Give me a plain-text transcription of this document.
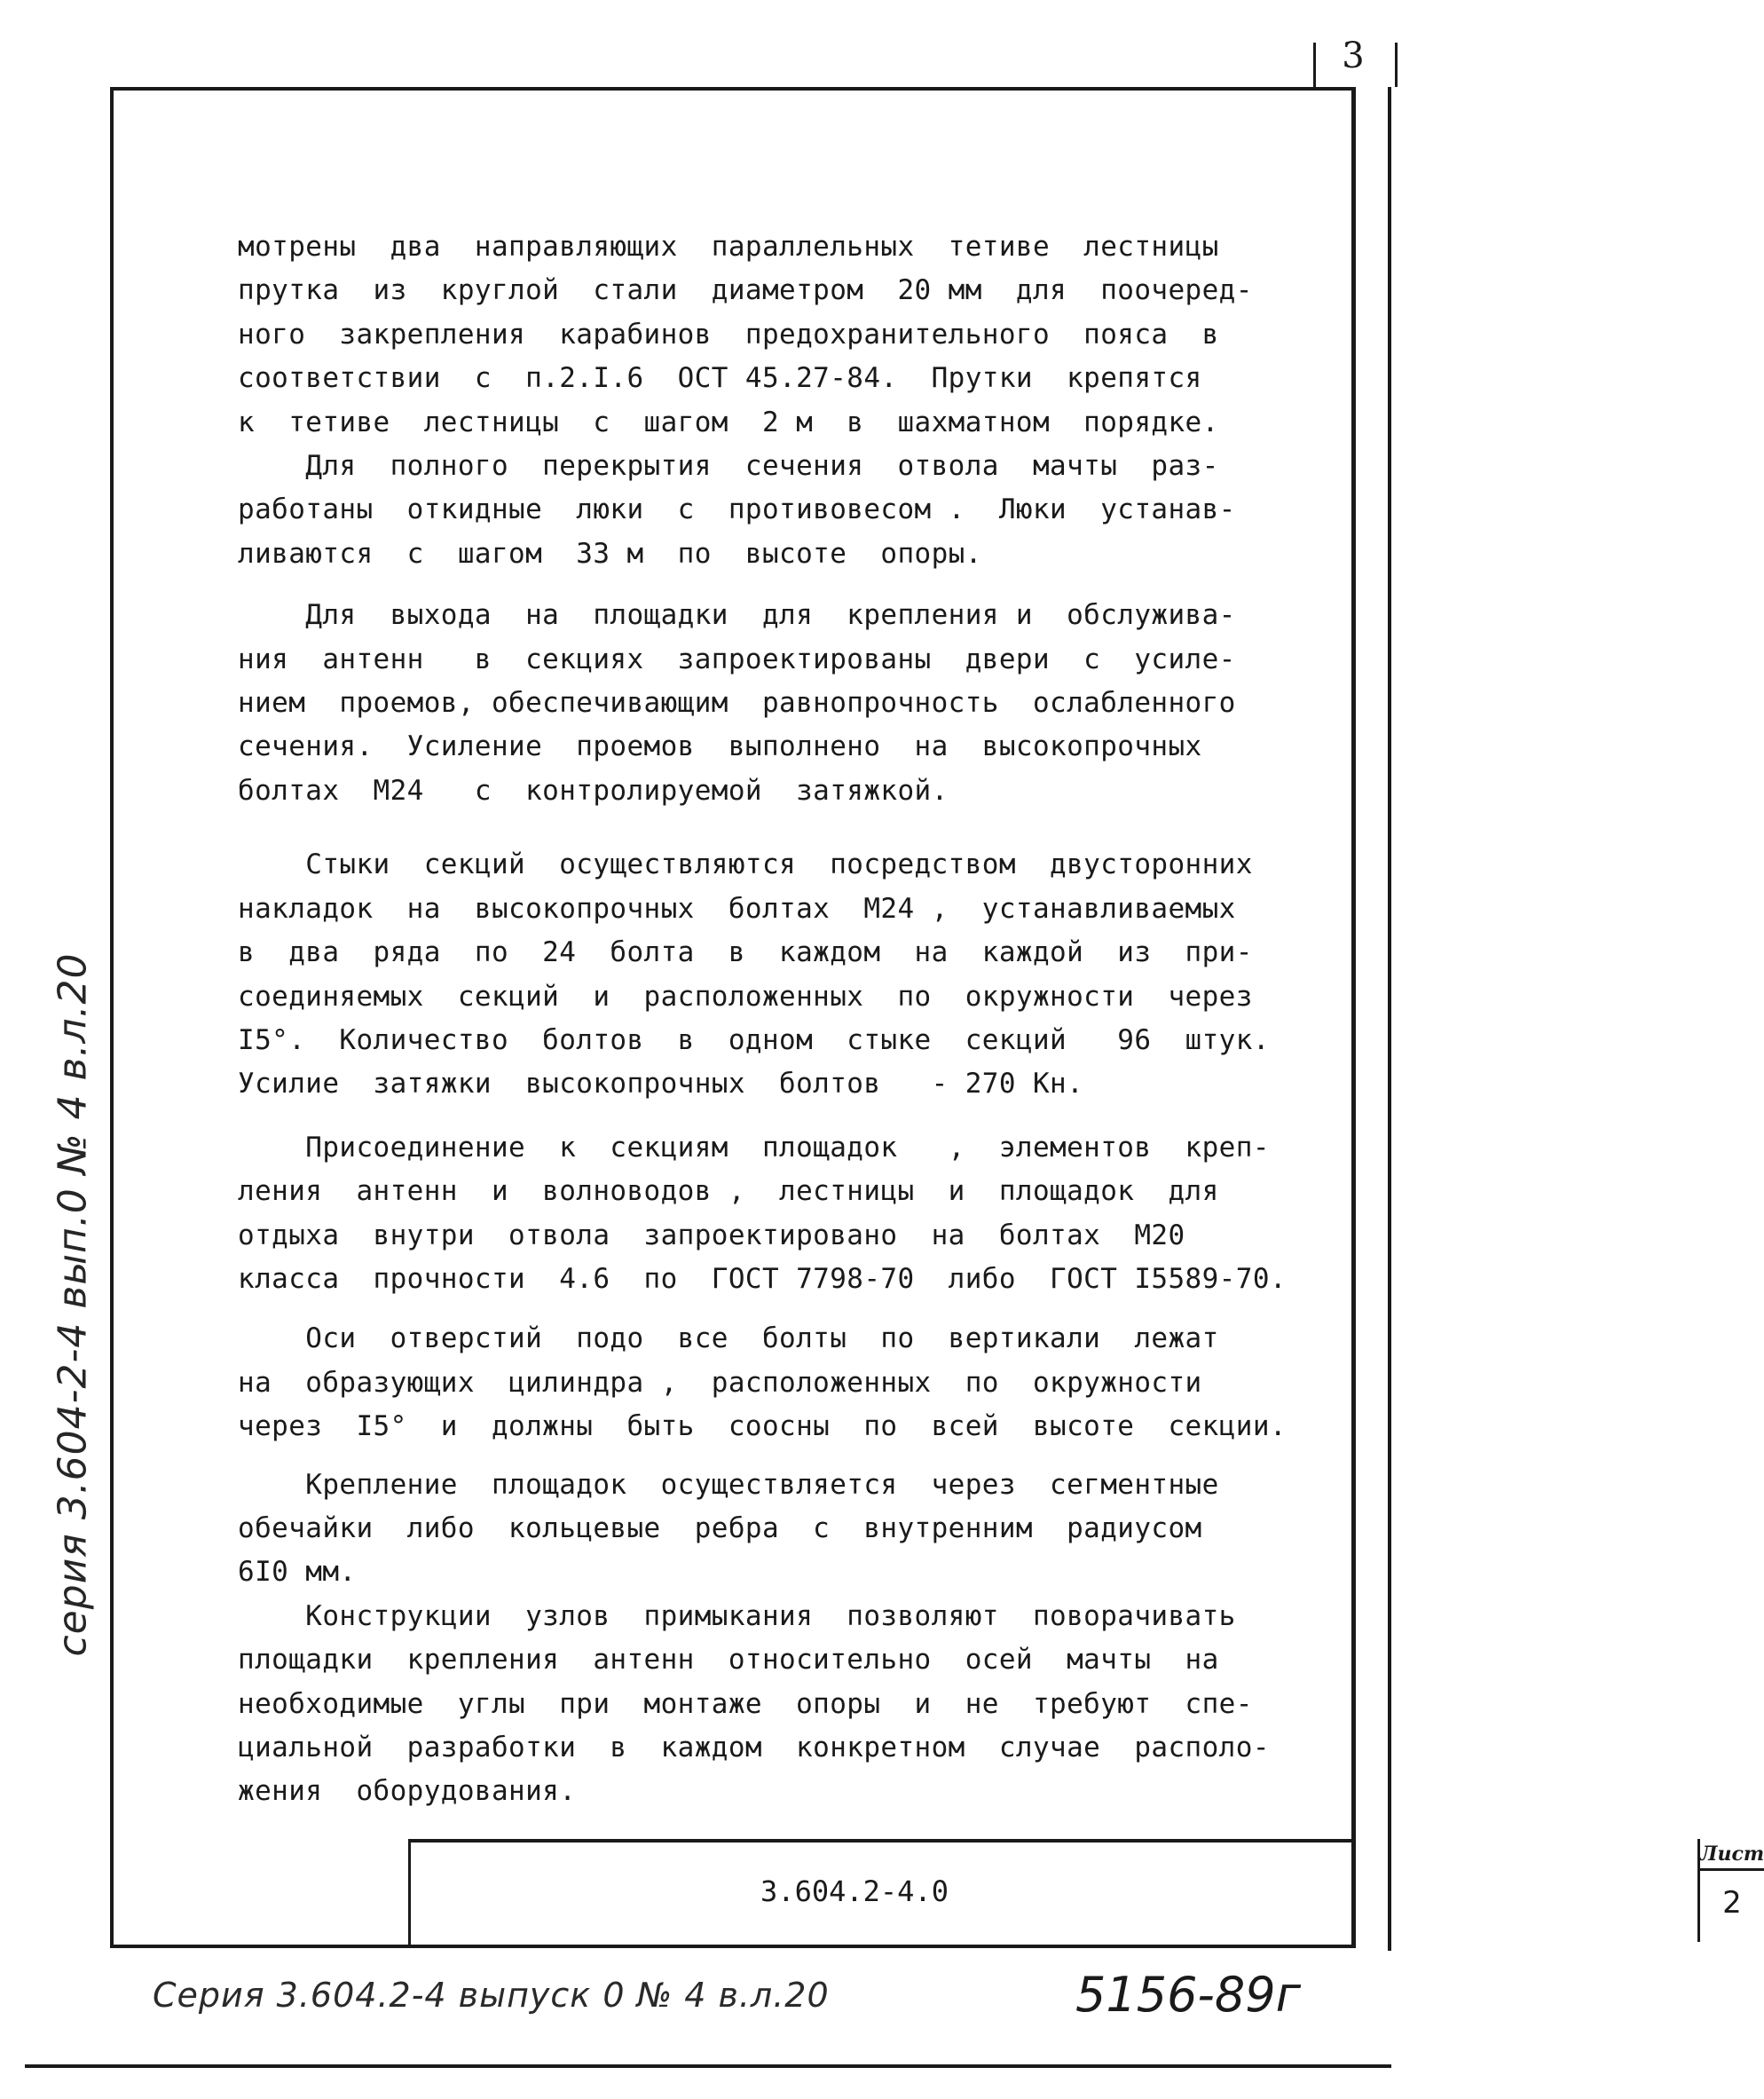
3
серия 3.604-2-4 вып.0 № 4 в.л.20

мотрены  два  направляющих  параллельных  тетиве  лестницы

прутка  из  круглой  стали  диаметром  20 мм  для  поочеред-

ного  закрепления  карабинов  предохранительного  пояса  в

соответствии  с  п.2.I.6  ОСТ 45.27-84.  Прутки  крепятся

к  тетиве  лестницы  с  шагом  2 м  в  шахматном  порядке.

Для  полного  перекрытия  сечения  отвола  мачты  раз-

работаны  откидные  люки  с  противовесом .  Люки  устанав-

ливаются  с  шагом  33 м  по  высоте  опоры.

Для  выхода  на  площадки  для  крепления и  обслужива-

ния  антенн   в  секциях  запроектированы  двери  с  усиле-

нием  проемов, обеспечивающим  равнопрочность  ослабленного

сечения.  Усиление  проемов  выполнено  на  высокопрочных

болтах  М24   с  контролируемой  затяжкой.

Стыки  секций  осуществляются  посредством  двусторонних

накладок  на  высокопрочных  болтах  М24 ,  устанавливаемых

в  два  ряда  по  24  болта  в  каждом  на  каждой  из  при-

соединяемых  секций  и  расположенных  по  окружности  через

I5°.  Количество  болтов  в  одном  стыке  секций   96  штук.

Усилие  затяжки  высокопрочных  болтов   - 270 Кн.

Присоединение  к  секциям  площадок   ,  элементов  креп-

ления  антенн  и  волноводов ,  лестницы  и  площадок  для

отдыха  внутри  отвола  запроектировано  на  болтах  М20

класса  прочности  4.6  по  ГОСТ 7798-70  либо  ГОСТ I5589-70.

Оси  отверстий  подо  все  болты  по  вертикали  лежат

на  образующих  цилиндра ,  расположенных  по  окружности

через  I5°  и  должны  быть  соосны  по  всей  высоте  секции.

Крепление  площадок  осуществляется  через  сегментные

обечайки  либо  кольцевые  ребра  с  внутренним  радиусом

6I0 мм.

Конструкции  узлов  примыкания  позволяют  поворачивать

площадки  крепления  антенн  относительно  осей  мачты  на

необходимые  углы  при  монтаже  опоры  и  не  требуют  спе-

циальной  разработки  в  каждом  конкретном  случае  располо-

жения  оборудования.

3.604.2-4.0
Лист
2
Серия 3.604.2-4 выпуск 0 № 4 в.л.20	5156-89г
